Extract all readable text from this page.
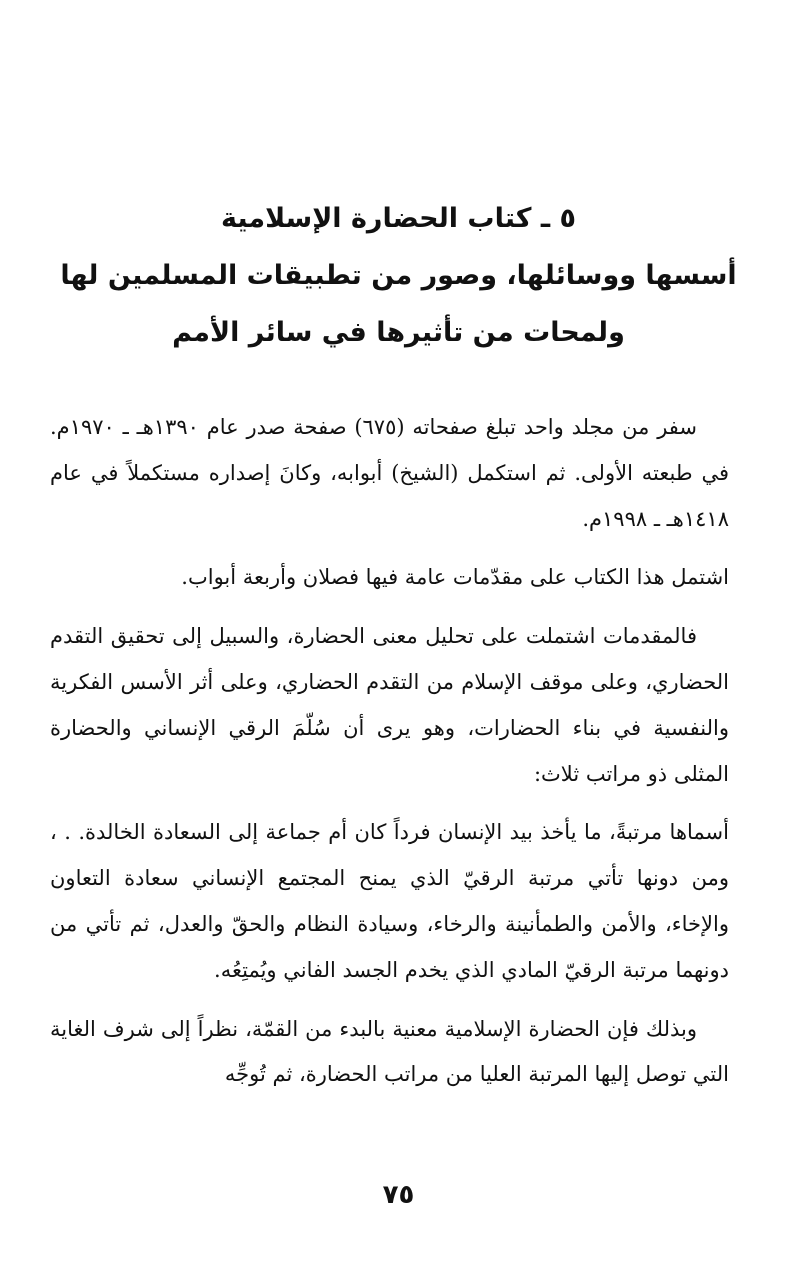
٥ ـ كتاب الحضارة الإسلامية
أسسها ووسائلها، وصور من تطبيقات المسلمين لها
ولمحات من تأثيرها في سائر الأمم

سفر من مجلد واحد تبلغ صفحاته (٦٧٥) صفحة صدر عام ١٣٩٠هـ ـ ١٩٧٠م. في طبعته الأولى. ثم استكمل (الشيخ) أبوابه، وكانَ إصداره مستكملاً في عام ١٤١٨هـ ـ ١٩٩٨م.

اشتمل هذا الكتاب على مقدّمات عامة فيها فصلان وأربعة أبواب.

فالمقدمات اشتملت على تحليل معنى الحضارة، والسبيل إلى تحقيق التقدم الحضاري، وعلى موقف الإسلام من التقدم الحضاري، وعلى أثر الأسس الفكرية والنفسية في بناء الحضارات، وهو يرى أن سُلّمَ الرقي الإنساني والحضارة المثلى ذو مراتب ثلاث:

أسماها مرتبةً، ما يأخذ بيد الإنسان فرداً كان أم جماعة إلى السعادة الخالدة. . ، ومن دونها تأتي مرتبة الرقيّ الذي يمنح المجتمع الإنساني سعادة التعاون والإخاء، والأمن والطمأنينة والرخاء، وسيادة النظام والحقّ والعدل، ثم تأتي من دونهما مرتبة الرقيّ المادي الذي يخدم الجسد الفاني ويُمتِعُه.

وبذلك فإن الحضارة الإسلامية معنية بالبدء من القمّة، نظراً إلى شرف الغاية التي توصل إليها المرتبة العليا من مراتب الحضارة، ثم تُوجِّه

٧٥
